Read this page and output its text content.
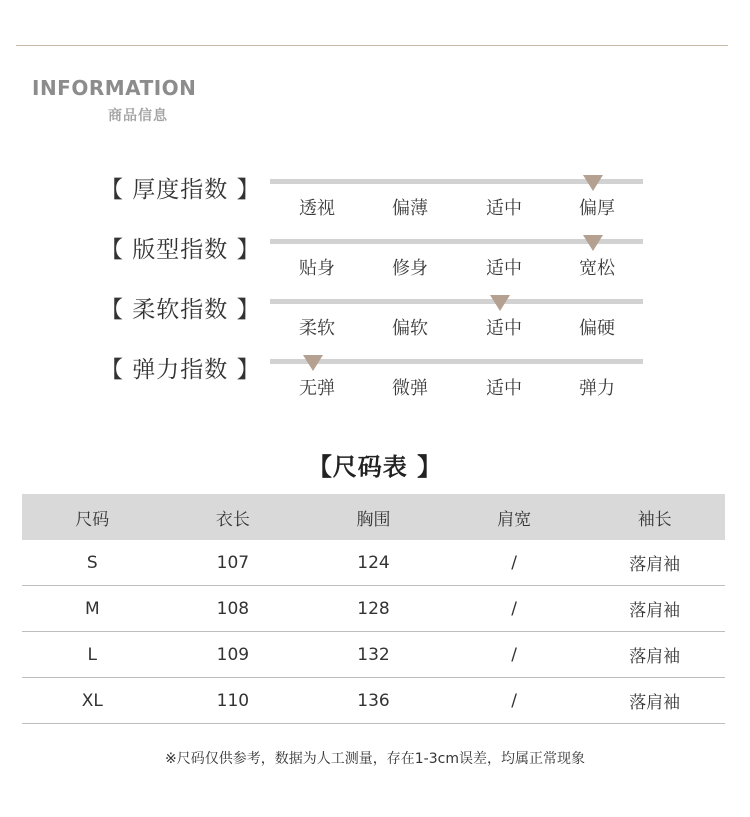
INFORMATION
商品信息
【 厚度指数 】
透视	偏薄	适中	偏厚
【 版型指数 】
贴身	修身	适中	宽松
【 柔软指数 】
柔软	偏软	适中	偏硬
【 弹力指数 】
无弹	微弹	适中	弹力
【尺码表 】
尺码	衣长	胸围	肩宽	袖长
S	107	124	/	落肩袖
M	108	128	/	落肩袖
L	109	132	/	落肩袖
XL	110	136	/	落肩袖
※尺码仅供参考，数据为人工测量，存在1-3cm误差，均属正常现象
